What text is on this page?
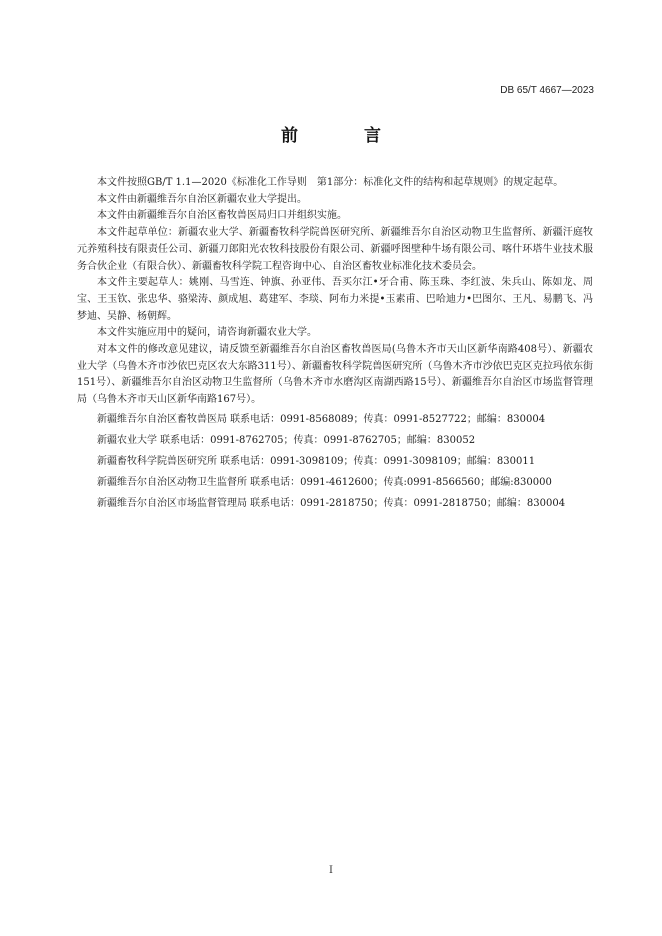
DB 65/T 4667—2023
前 言

本文件按照GB/T 1.1—2020《标准化工作导则　第1部分：标准化文件的结构和起草规则》的规定起草。

本文件由新疆维吾尔自治区新疆农业大学提出。

本文件由新疆维吾尔自治区畜牧兽医局归口并组织实施。

本文件起草单位：新疆农业大学、新疆畜牧科学院兽医研究所、新疆维吾尔自治区动物卫生监督所、新疆汗庭牧元养殖科技有限责任公司、新疆刀郎阳光农牧科技股份有限公司、新疆呼图壁种牛场有限公司、喀什环塔牛业技术服务合伙企业（有限合伙）、新疆畜牧科学院工程咨询中心、自治区畜牧业标准化技术委员会。

本文件主要起草人：姚刚、马雪连、钟旗、孙亚伟、吾买尔江•牙合甫、陈玉珠、李红波、朱兵山、陈如龙、周宝、王玉钦、张忠华、骆梁涛、颜成旭、葛建军、李琰、阿布力米提•玉素甫、巴哈迪力•巴图尔、王凡、易鹏飞、冯梦迪、吴静、杨朝辉。

本文件实施应用中的疑问，请咨询新疆农业大学。

对本文件的修改意见建议，请反馈至新疆维吾尔自治区畜牧兽医局(乌鲁木齐市天山区新华南路408号）、新疆农业大学（乌鲁木齐市沙依巴克区农大东路311号）、新疆畜牧科学院兽医研究所（乌鲁木齐市沙依巴克区克拉玛依东街151号）、新疆维吾尔自治区动物卫生监督所（乌鲁木齐市水磨沟区南湖西路15号）、新疆维吾尔自治区市场监督管理局（乌鲁木齐市天山区新华南路167号）。

新疆维吾尔自治区畜牧兽医局 联系电话：0991-8568089；传真：0991-8527722；邮编：830004

新疆农业大学 联系电话：0991-8762705；传真：0991-8762705；邮编：830052

新疆畜牧科学院兽医研究所 联系电话：0991-3098109；传真：0991-3098109；邮编：830011

新疆维吾尔自治区动物卫生监督所 联系电话：0991-4612600；传真:0991-8566560；邮编:830000

新疆维吾尔自治区市场监督管理局 联系电话：0991-2818750；传真：0991-2818750；邮编：830004

I
